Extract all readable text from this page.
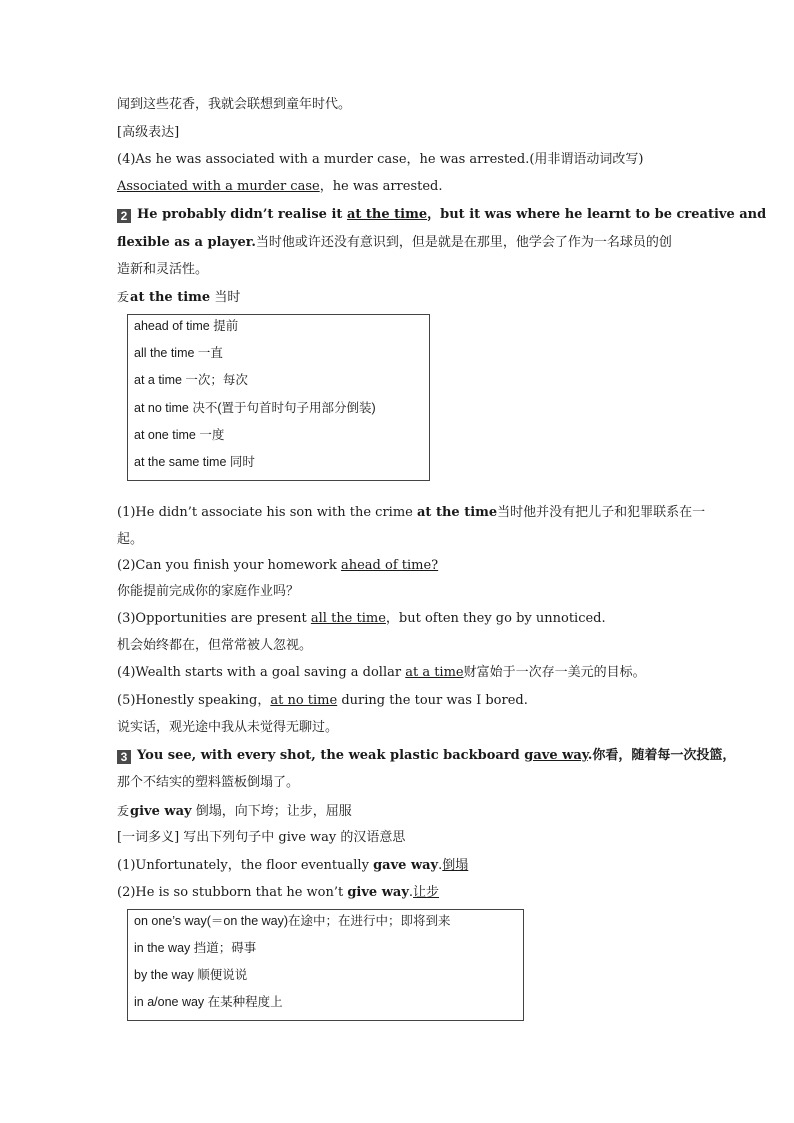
闻到这些花香，我就会联想到童年时代。
[高级表达]
(4)As he was associated with a murder case，he was arrested.(用非谓语动词改写)
Associated with a murder case，he was arrested.
2 He probably didn’t realise it at the time，but it was where he learnt to be creative and
flexible as a player.当时他或许还没有意识到，但是就是在那里，他学会了作为一名球员的创
造新和灵活性。
叐at the time 当时
ahead of time 提前
all the time 一直
at a time 一次；每次
at no time 决不(置于句首时句子用部分倒装)
at one time 一度
at the same time 同时
(1)He didn’t associate his son with the crime at the time当时他并没有把儿子和犯罪联系在一
起。
(2)Can you finish your homework ahead of time?
你能提前完成你的家庭作业吗？
(3)Opportunities are present all the time，but often they go by unnoticed.
机会始终都在，但常常被人忽视。
(4)Wealth starts with a goal saving a dollar at a time财富始于一次存一美元的目标。
(5)Honestly speaking，at no time during the tour was I bored.
说实话，观光途中我从未觉得无聊过。
3 You see, with every shot, the weak plastic backboard gave way.你看，随着每一次投篮，
那个不结实的塑料篮板倒塌了。
叐give way 倒塌，向下垮；让步，屈服
[一词多义] 写出下列句子中 give way 的汉语意思
(1)Unfortunately，the floor eventually gave way.倒塌
(2)He is so stubborn that he won’t give way.让步
on one’s way(＝on the way)在途中；在进行中；即将到来
in the way 挡道；碍事
by the way 顺便说说
in a/one way 在某种程度上
